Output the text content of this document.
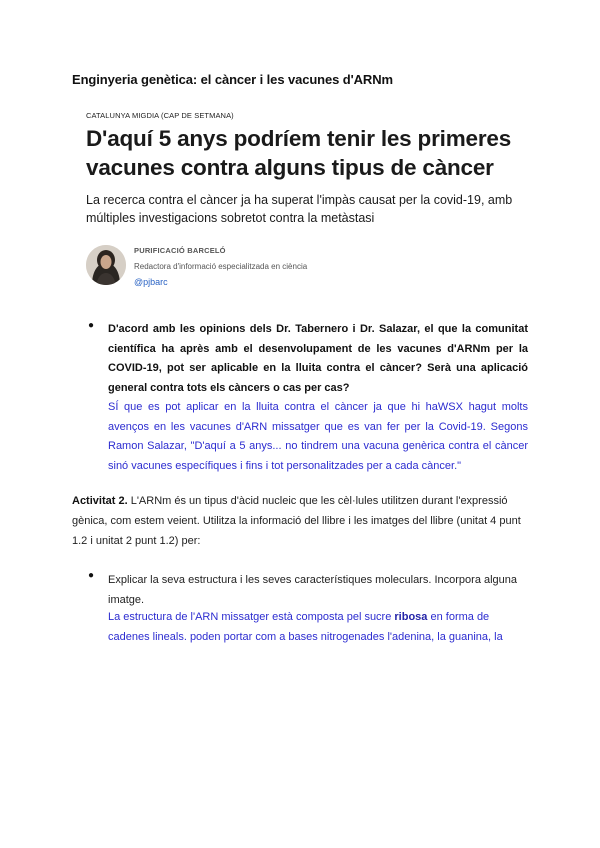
Enginyeria genètica: el càncer i les vacunes d'ARNm
CATALUNYA MIGDIA (CAP DE SETMANA)
D'aquí 5 anys podríem tenir les primeres vacunes contra alguns tipus de càncer
La recerca contra el càncer ja ha superat l'impàs causat per la covid-19, amb múltiples investigacions sobretot contra la metàstasi
PURIFICACIÓ BARCELÓ
Redactora d'informació especialitzada en ciència
@pjbarc
● D'acord amb les opinions dels Dr. Tabernero i Dr. Salazar, el que la comunitat científica ha après amb el desenvolupament de les vacunes d'ARNm per la COVID-19, pot ser aplicable en la lluita contra el càncer? Serà una aplicació general contra tots els càncers o cas per cas?
SÍ que es pot aplicar en la lluita contra el càncer ja que hi haWSX hagut molts avenços en les vacunes d'ARN missatger que es van fer per la Covid-19. Segons Ramon Salazar, "D'aquí a 5 anys... no tindrem una vacuna genèrica contra el càncer sinó vacunes específiques i fins i tot personalitzades per a cada càncer."
Activitat 2. L'ARNm és un tipus d'àcid nucleic que les cèl·lules utilitzen durant l'expressió gènica, com estem veient. Utilitza la informació del llibre i les imatges del llibre (unitat 4 punt 1.2 i unitat 2 punt 1.2) per:
● Explicar la seva estructura i les seves característiques moleculars. Incorpora alguna imatge.
La estructura de l'ARN missatger està composta pel sucre ribosa en forma de cadenes lineals. poden portar com a bases nitrogenades l'adenina, la guanina, la
